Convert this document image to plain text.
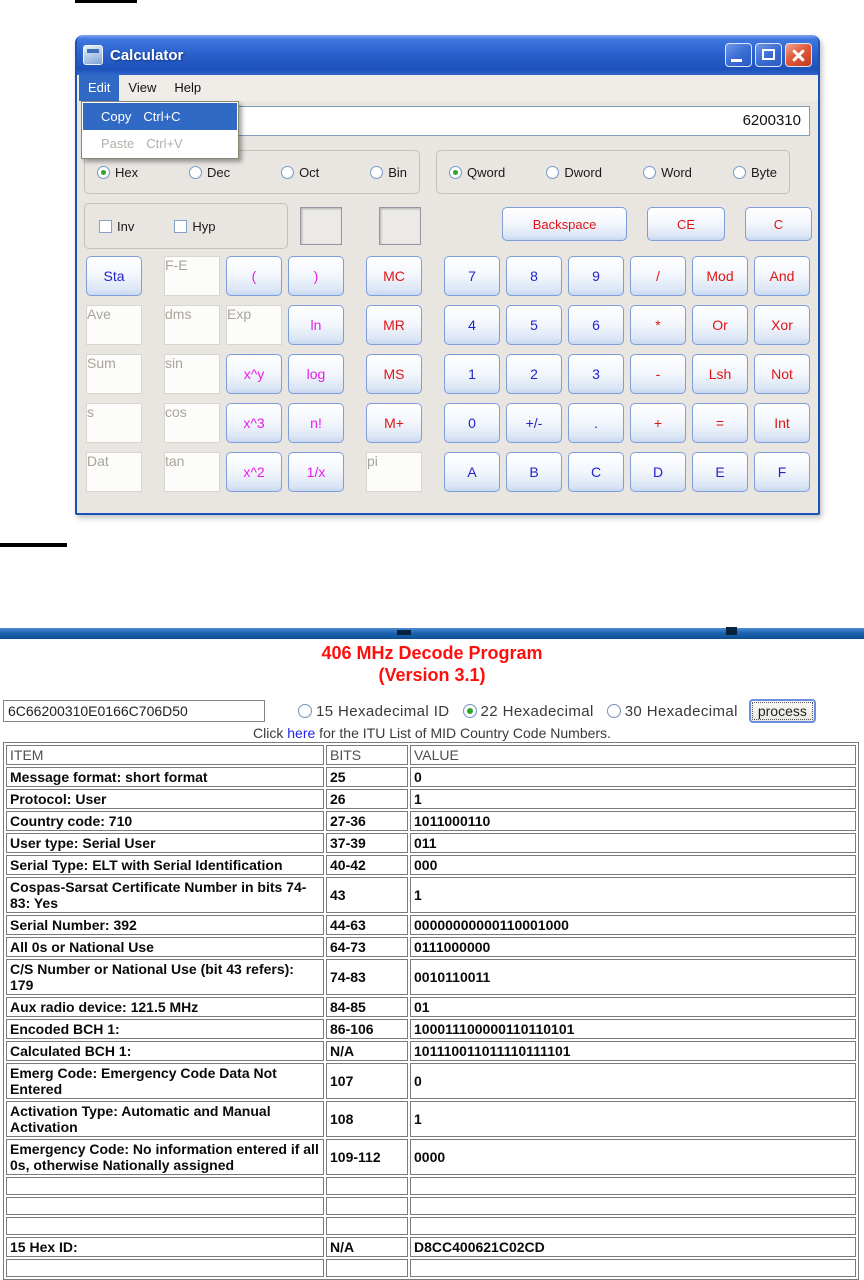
Calculator
Edit	View	Help
6200310
Copy Ctrl+C
Paste Ctrl+V
Hex	Dec	Oct	Bin	Qword	Dword	Word	Byte
Inv	Hyp	Backspace	CE	C
Sta
F-E
(	)	MC	7	8	9	/	Mod	And
Ave	dms	Exp
ln	MR	4	5	6	*	Or	Xor
Sum	sin
x^y	log	MS	1	2	3	-	Lsh	Not
s	cos
x^3	n!	M+	0	+/-	.	+	=	Int
Dat	tan
x^2	1/x
pi
A	B	C	D	E	F
406 MHz Decode Program
(Version 3.1)
6C66200310E0166C706D50
15 Hexadecimal ID 22 Hexadecimal 30 Hexadecimal	process
Click here for the ITU List of MID Country Code Numbers.
ITEM	BITS	VALUE
Message format: short format	25	0
Protocol: User	26	1
Country code: 710	27-36	1011000110
User type: Serial User	37-39	011
Serial Type: ELT with Serial Identification	40-42	000
Cospas-Sarsat Certificate Number in bits 74-83: Yes	43	1
Serial Number: 392	44-63	00000000000110001000
All 0s or National Use	64-73	0111000000
C/S Number or National Use (bit 43 refers): 179	74-83	0010110011
Aux radio device: 121.5 MHz	84-85	01
Encoded BCH 1:	86-106	100011100000110110101
Calculated BCH 1:	N/A	101110011011110111101
Emerg Code: Emergency Code Data Not Entered	107	0
Activation Type: Automatic and Manual Activation	108	1
Emergency Code: No information entered if all 0s, otherwise Nationally assigned	109-112	0000

15 Hex ID:	N/A	D8CC400621C02CD
